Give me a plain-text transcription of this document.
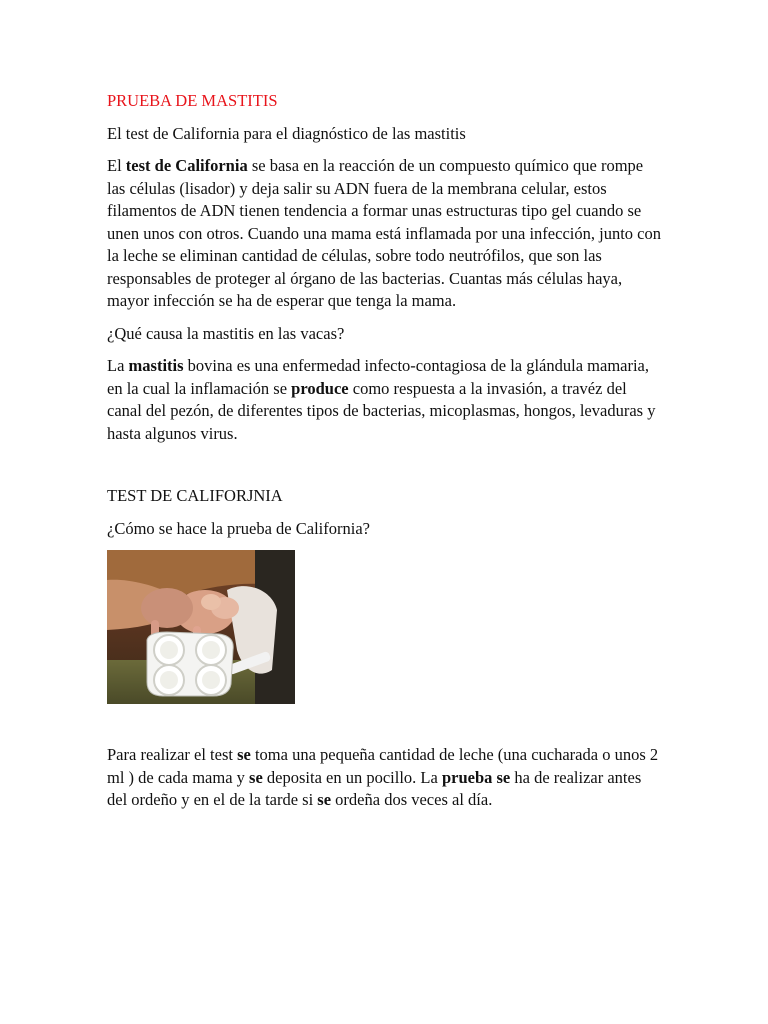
PRUEBA DE MASTITIS

El test de California para el diagnóstico de las mastitis

El test de California se basa en la reacción de un compuesto químico que rompe las células (lisador) y deja salir su ADN fuera de la membrana celular, estos filamentos de ADN tienen tendencia a formar unas estructuras tipo gel cuando se unen unos con otros. Cuando una mama está inflamada por una infección, junto con la leche se eliminan cantidad de células, sobre todo neutrófilos, que son las responsables de proteger al órgano de las bacterias. Cuantas más células haya, mayor infección se ha de esperar que tenga la mama.

¿Qué causa la mastitis en las vacas?

La mastitis bovina es una enfermedad infecto-contagiosa de la glándula mamaria, en la cual la inflamación se produce como respuesta a la invasión, a travéz del canal del pezón, de diferentes tipos de bacterias, micoplasmas, hongos, levaduras y hasta algunos virus.

TEST DE CALIFORJNIA

¿Cómo se hace la prueba de California?

Para realizar el test se toma una pequeña cantidad de leche (una cucharada o unos 2 ml ) de cada mama y se deposita en un pocillo. La prueba se ha de realizar antes del ordeño y en el de la tarde si se ordeña dos veces al día.
